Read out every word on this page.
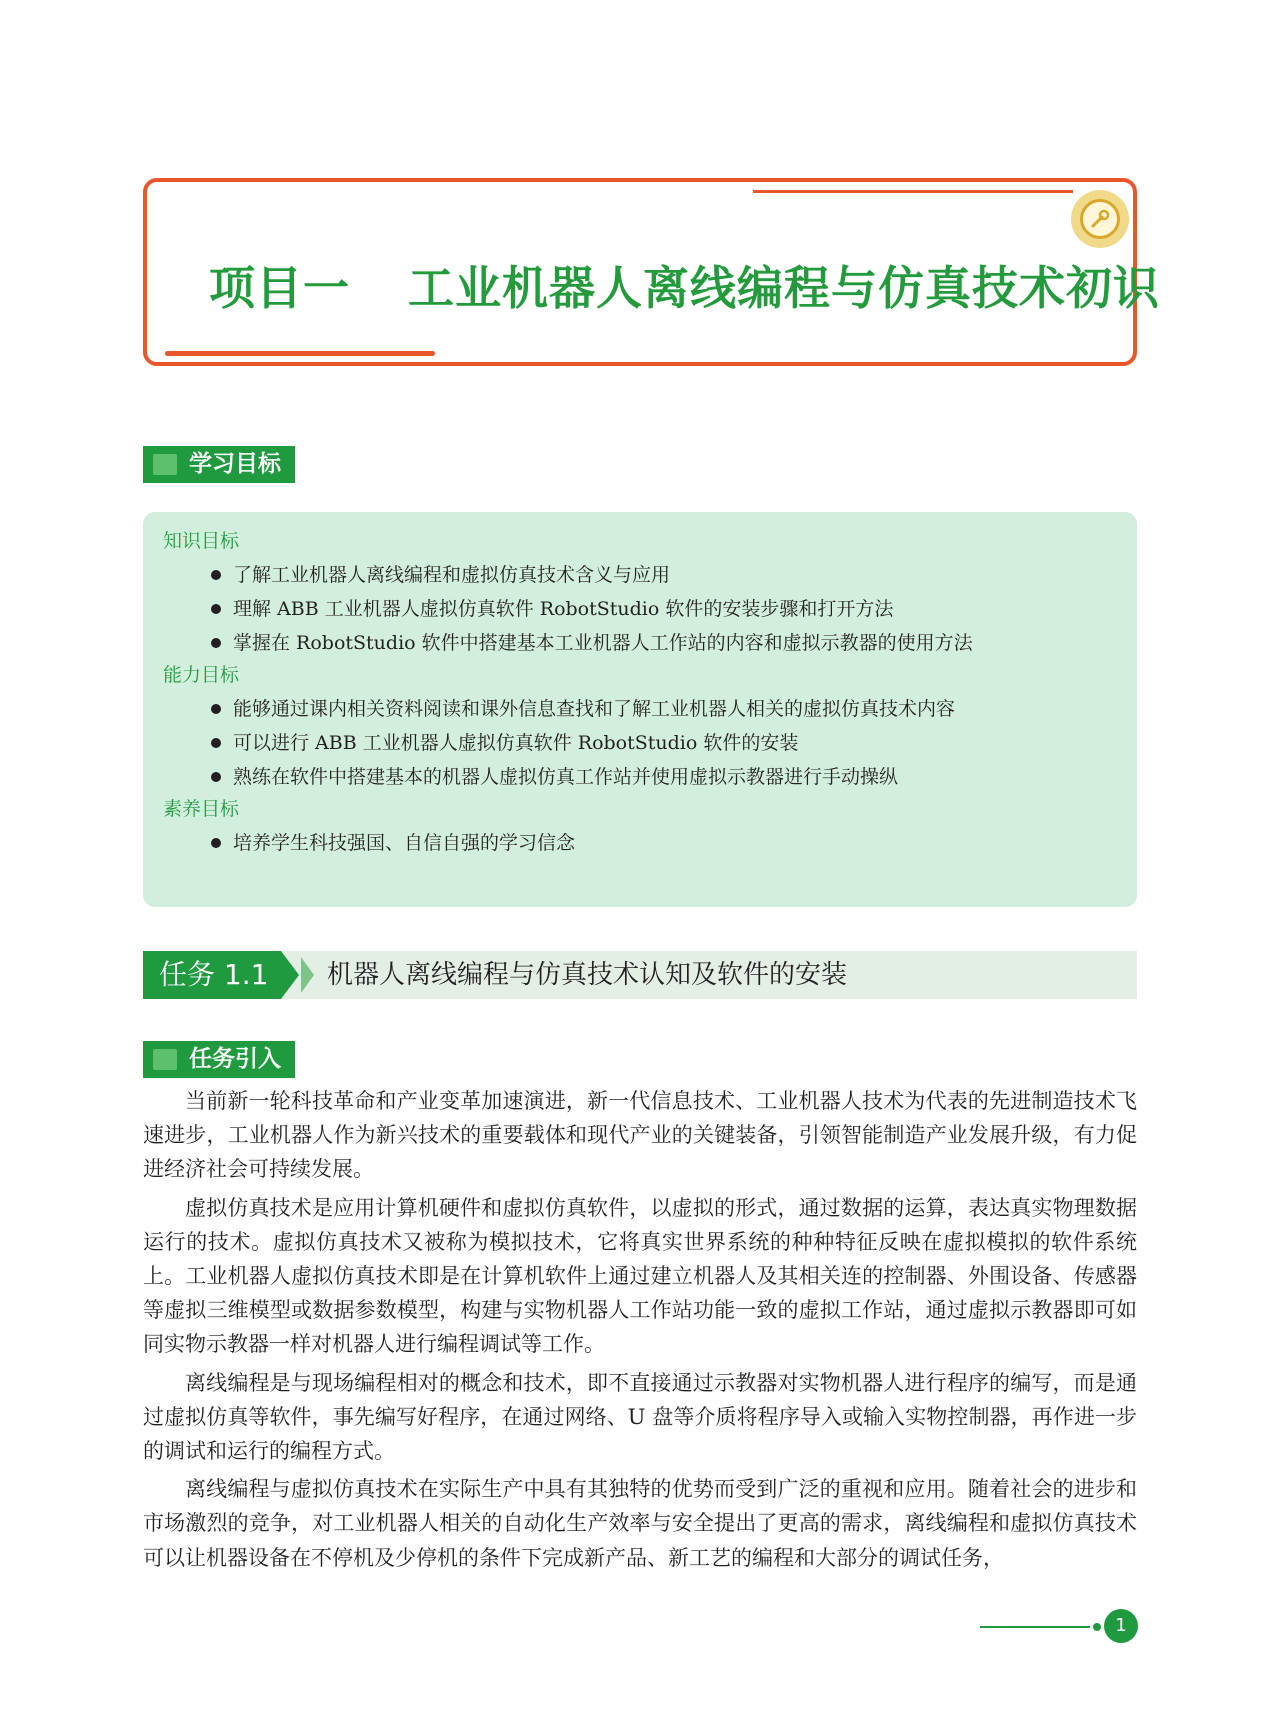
项目一 工业机器人离线编程与仿真技术初识
学习目标

知识目标

了解工业机器人离线编程和虚拟仿真技术含义与应用
理解 ABB 工业机器人虚拟仿真软件 RobotStudio 软件的安装步骤和打开方法
掌握在 RobotStudio 软件中搭建基本工业机器人工作站的内容和虚拟示教器的使用方法

能力目标

能够通过课内相关资料阅读和课外信息查找和了解工业机器人相关的虚拟仿真技术内容
可以进行 ABB 工业机器人虚拟仿真软件 RobotStudio 软件的安装
熟练在软件中搭建基本的机器人虚拟仿真工作站并使用虚拟示教器进行手动操纵

素养目标

培养学生科技强国、自信自强的学习信念
任务 1.1	机器人离线编程与仿真技术认知及软件的安装
任务引入

当前新一轮科技革命和产业变革加速演进，新一代信息技术、工业机器人技术为代表的先进制造技术飞速进步，工业机器人作为新兴技术的重要载体和现代产业的关键装备，引领智能制造产业发展升级，有力促进经济社会可持续发展。

虚拟仿真技术是应用计算机硬件和虚拟仿真软件，以虚拟的形式，通过数据的运算，表达真实物理数据运行的技术。虚拟仿真技术又被称为模拟技术，它将真实世界系统的种种特征反映在虚拟模拟的软件系统上。工业机器人虚拟仿真技术即是在计算机软件上通过建立机器人及其相关连的控制器、外围设备、传感器等虚拟三维模型或数据参数模型，构建与实物机器人工作站功能一致的虚拟工作站，通过虚拟示教器即可如同实物示教器一样对机器人进行编程调试等工作。

离线编程是与现场编程相对的概念和技术，即不直接通过示教器对实物机器人进行程序的编写，而是通过虚拟仿真等软件，事先编写好程序，在通过网络、U 盘等介质将程序导入或输入实物控制器，再作进一步的调试和运行的编程方式。

离线编程与虚拟仿真技术在实际生产中具有其独特的优势而受到广泛的重视和应用。随着社会的进步和市场激烈的竞争，对工业机器人相关的自动化生产效率与安全提出了更高的需求，离线编程和虚拟仿真技术可以让机器设备在不停机及少停机的条件下完成新产品、新工艺的编程和大部分的调试任务，

1
